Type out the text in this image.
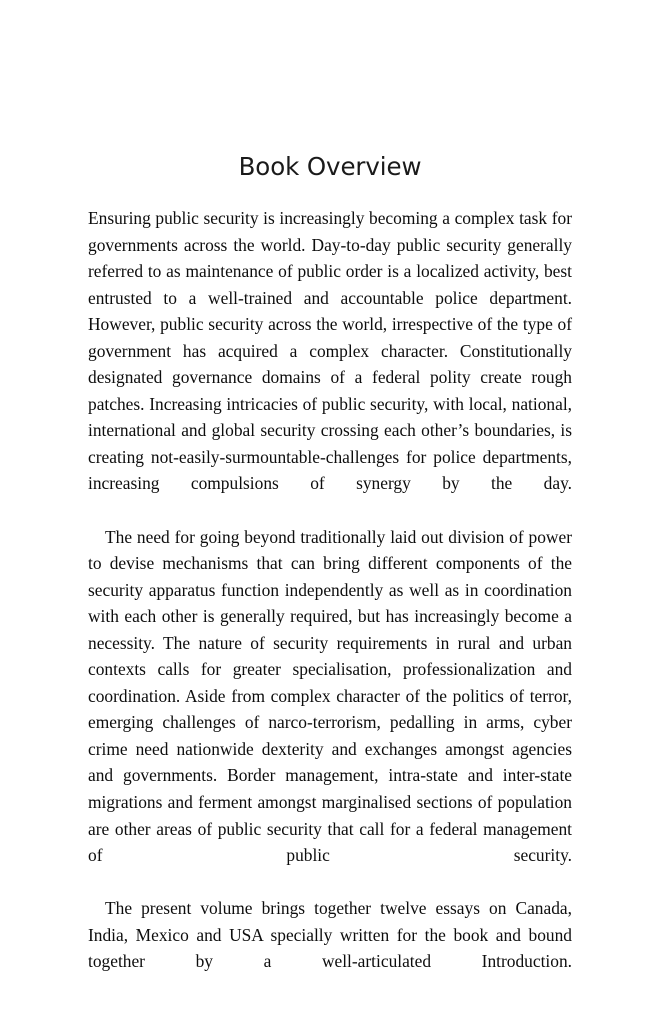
Book Overview

Ensuring public security is increasingly becoming a complex task for governments across the world. Day-to-day public security generally referred to as maintenance of public order is a localized activity, best entrusted to a well-trained and accountable police department. However, public security across the world, irrespective of the type of government has acquired a complex character. Constitutionally designated governance domains of a federal polity create rough patches. Increasing intricacies of public security, with local, national, international and global security crossing each other’s boundaries, is creating not-easily-surmountable-challenges for police departments, increasing compulsions of synergy by the day.

The need for going beyond traditionally laid out division of power to devise mechanisms that can bring different components of the security apparatus function independently as well as in coordination with each other is generally required, but has increasingly become a necessity. The nature of security requirements in rural and urban contexts calls for greater specialisation, professionalization and coordination. Aside from complex character of the politics of terror, emerging challenges of narco-terrorism, pedalling in arms, cyber crime need nationwide dexterity and exchanges amongst agencies and governments. Border management, intra-state and inter-state migrations and ferment amongst marginalised sections of population are other areas of public security that call for a federal management of public security.

The present volume brings together twelve essays on Canada, India, Mexico and USA specially written for the book and bound together by a well-articulated Introduction.
